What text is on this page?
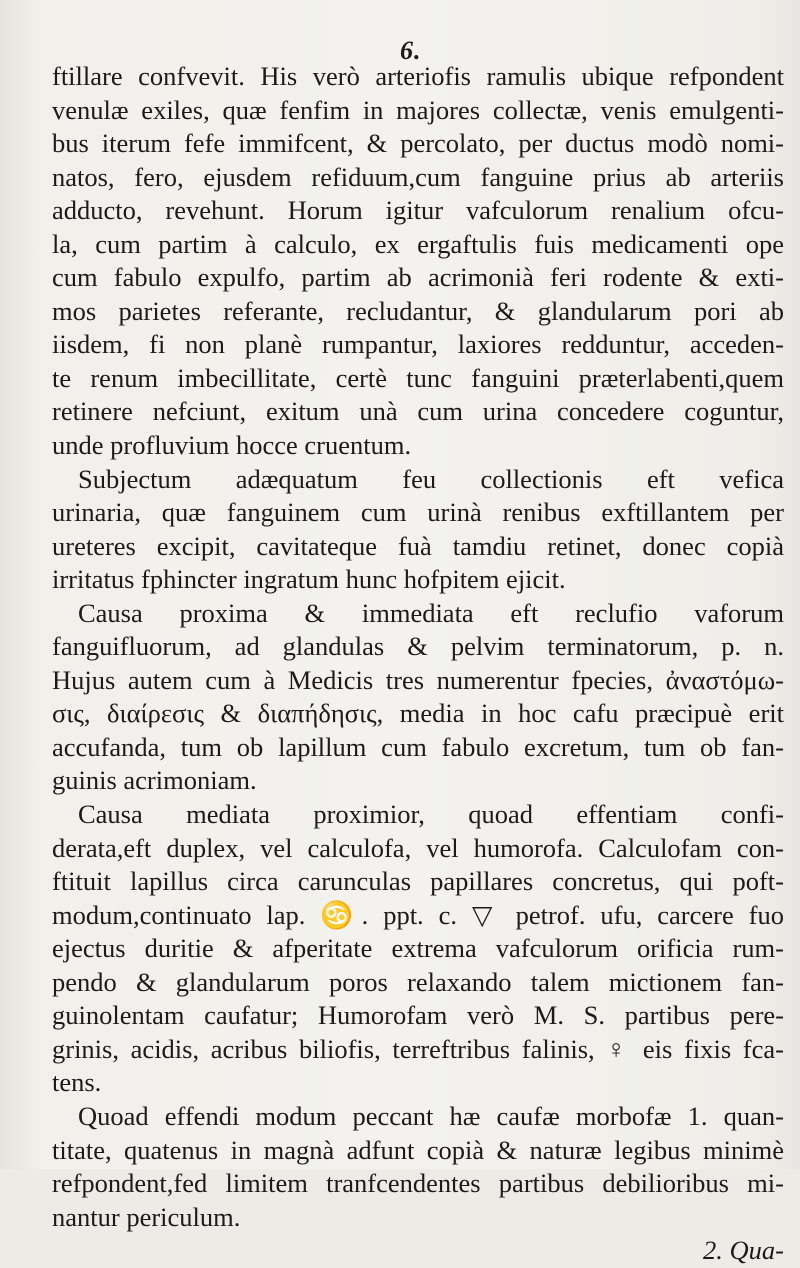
6.
ftillare confvevit. His verò arteriofis ramulis ubique refpondent
venulæ exiles, quæ fenfim in majores collectæ, venis emulgenti-
bus iterum fefe immifcent, & percolato, per ductus modò nomi-
natos, fero, ejusdem refiduum,cum fanguine prius ab arteriis
adducto, revehunt. Horum igitur vafculorum renalium ofcu-
la, cum partim à calculo, ex ergaftulis fuis medicamenti ope
cum fabulo expulfo, partim ab acrimonià feri rodente & exti-
mos parietes referante, recludantur, & glandularum pori ab
iisdem, fi non planè rumpantur, laxiores redduntur, acceden-
te renum imbecillitate, certè tunc fanguini præterlabenti,quem
retinere nefciunt, exitum unà cum urina concedere coguntur,
unde profluvium hocce cruentum.
Subjectum adæquatum feu collectionis eft vefica
urinaria, quæ fanguinem cum urinà renibus exftillantem per
ureteres excipit, cavitateque fuà tamdiu retinet, donec copià
irritatus fphincter ingratum hunc hofpitem ejicit.
Causa proxima & immediata eft reclufio vaforum
fanguifluorum, ad glandulas & pelvim terminatorum, p. n.
Hujus autem cum à Medicis tres numerentur fpecies, ἀναστόμω-
σις, διαίρεσις & διαπήδησις, media in hoc cafu præcipuè erit
accufanda, tum ob lapillum cum fabulo excretum, tum ob fan-
guinis acrimoniam.
Causa mediata proximior, quoad effentiam confi-
derata,eft duplex, vel calculofa, vel humorofa. Calculofam con-
ftituit lapillus circa carunculas papillares concretus, qui poft-
modum,continuato lap. ♋. ppt. c. ▽ petrof. ufu, carcere fuo
ejectus duritie & afperitate extrema vafculorum orificia rum-
pendo & glandularum poros relaxando talem mictionem fan-
guinolentam caufatur; Humorofam verò M. S. partibus pere-
grinis, acidis, acribus biliofis, terreftribus falinis, ♀ eis fixis fca-
tens.
Quoad effendi modum peccant hæ caufæ morbofæ 1. quan-
titate, quatenus in magnà adfunt copià & naturæ legibus minimè
refpondent,fed limitem tranfcendentes partibus debilioribus mi-
nantur periculum.
2. Qua-
